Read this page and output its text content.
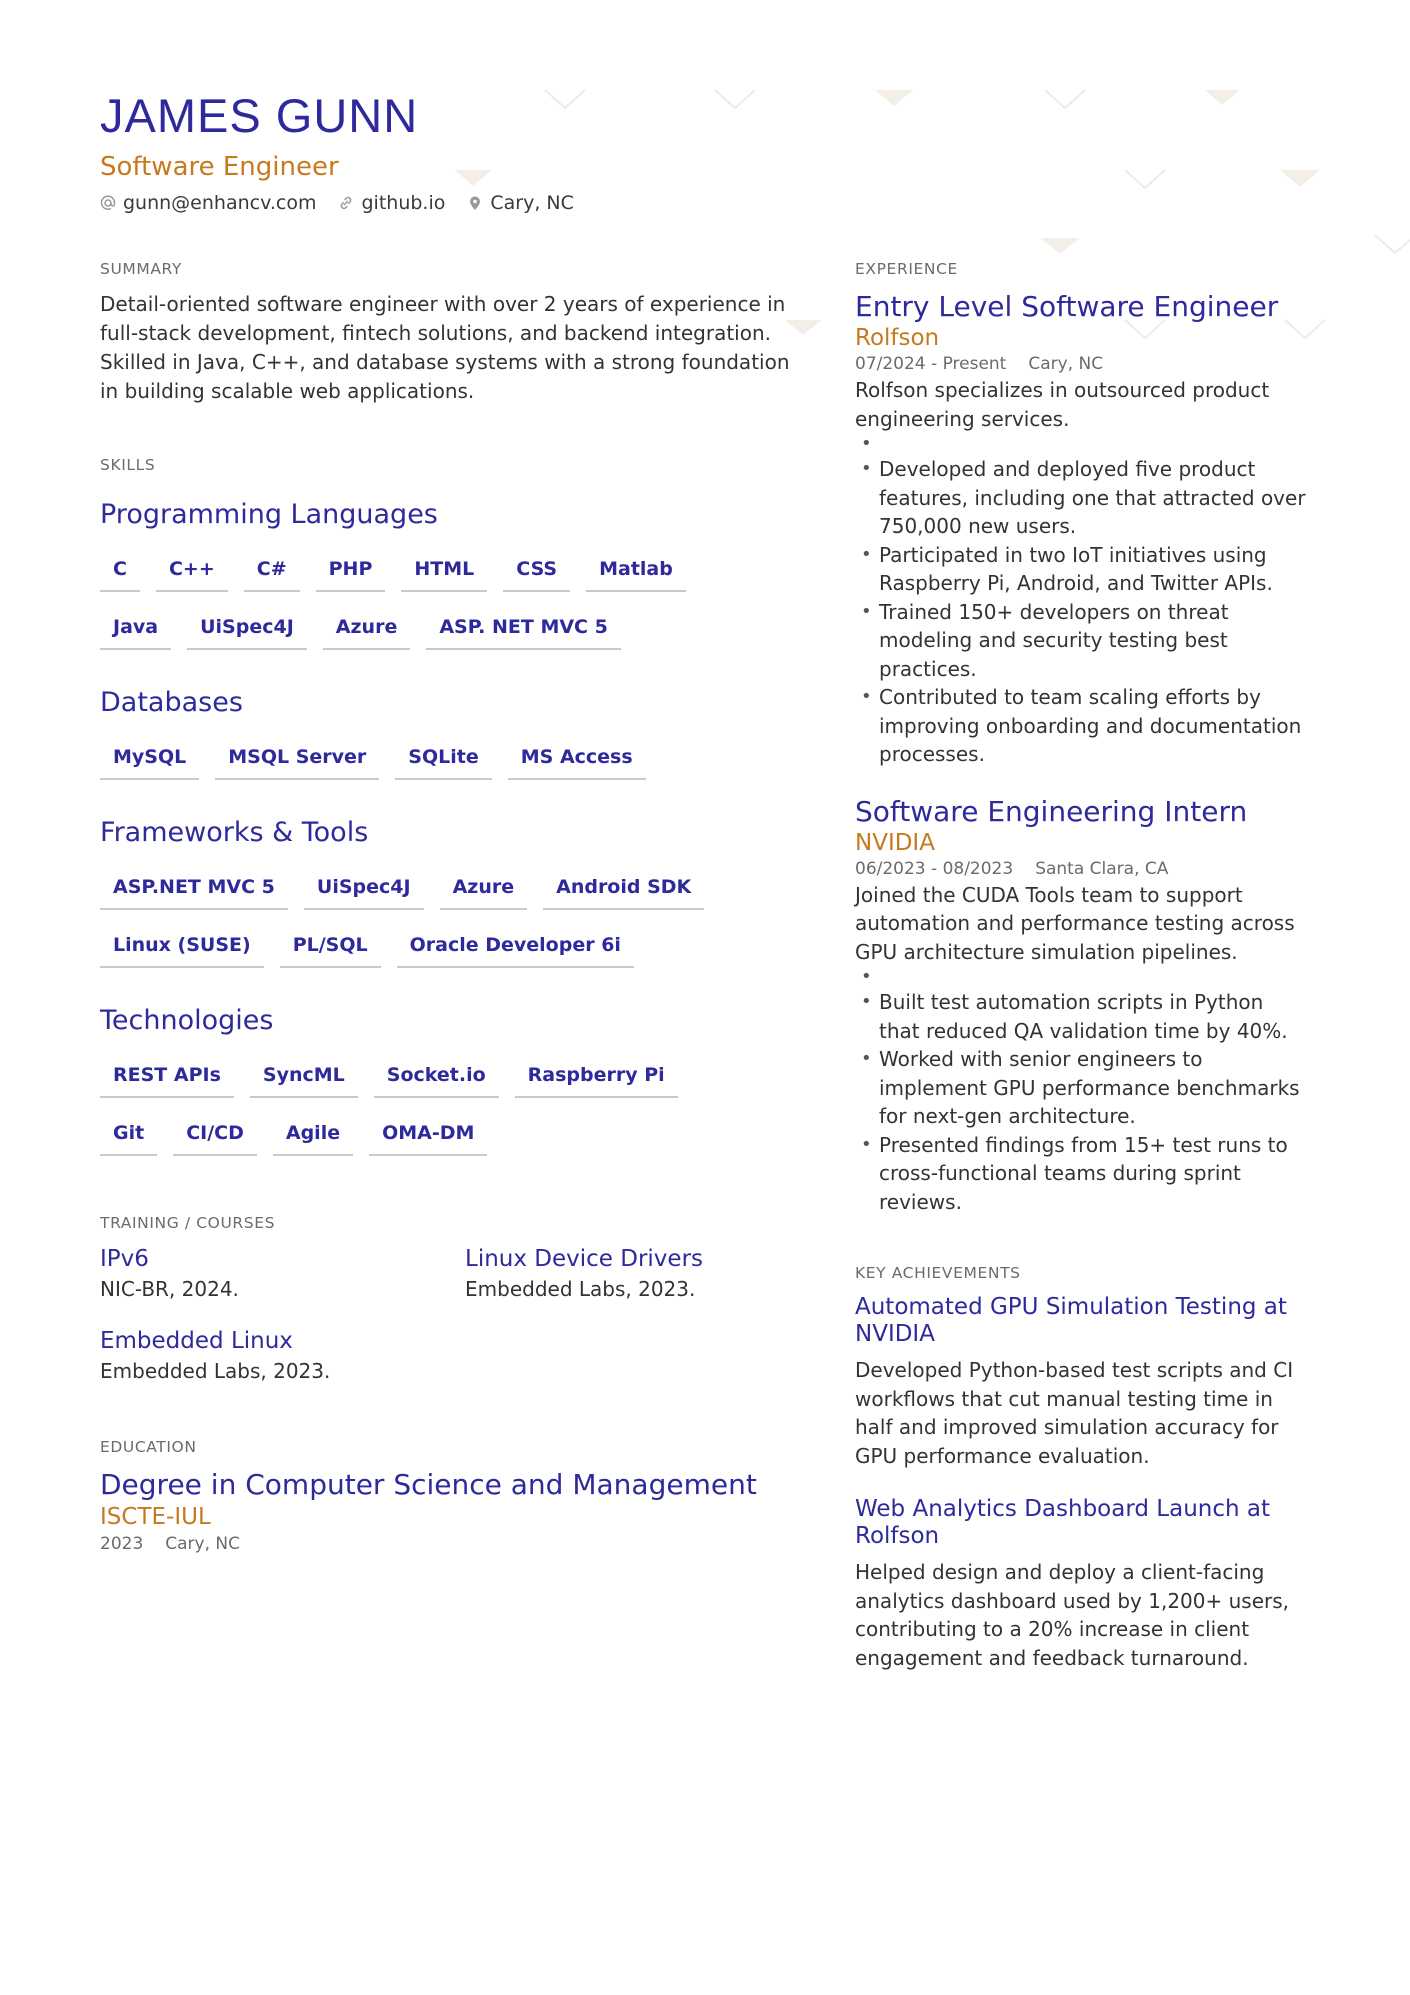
JAMES GUNN
Software Engineer
gunn@enhancv.com github.io Cary, NC
SUMMARY

Detail-oriented software engineer with over 2 years of experience in full-stack development, fintech solutions, and backend integration. Skilled in Java, C++, and database systems with a strong foundation in building scalable web applications.

SKILLS
Programming Languages
C	C++	C#	PHP	HTML	CSS	Matlab
Java	UiSpec4J	Azure	ASP. NET MVC 5
Databases
MySQL	MSQL Server	SQLite	MS Access
Frameworks & Tools
ASP.NET MVC 5	UiSpec4J	Azure	Android SDK
Linux (SUSE)	PL/SQL	Oracle Developer 6i
Technologies
REST APIs	SyncML	Socket.io	Raspberry Pi
Git	CI/CD	Agile	OMA-DM
TRAINING / COURSES
IPv6
NIC-BR, 2024.
Linux Device Drivers
Embedded Labs, 2023.
Embedded Linux
Embedded Labs, 2023.
EDUCATION
Degree in Computer Science and Management
ISCTE-IUL
2023 Cary, NC
EXPERIENCE
Entry Level Software Engineer
Rolfson
07/2024 - Present Cary, NC
Rolfson specializes in outsourced product engineering services.
•
• Developed and deployed five product features, including one that attracted over 750,000 new users.
• Participated in two IoT initiatives using Raspberry Pi, Android, and Twitter APIs.
• Trained 150+ developers on threat modeling and security testing best practices.
• Contributed to team scaling efforts by improving onboarding and documentation processes.
Software Engineering Intern
NVIDIA
06/2023 - 08/2023 Santa Clara, CA
Joined the CUDA Tools team to support automation and performance testing across GPU architecture simulation pipelines.
•
• Built test automation scripts in Python that reduced QA validation time by 40%.
• Worked with senior engineers to implement GPU performance benchmarks for next-gen architecture.
• Presented findings from 15+ test runs to cross-functional teams during sprint reviews.
KEY ACHIEVEMENTS
Automated GPU Simulation Testing at NVIDIA
Developed Python-based test scripts and CI workflows that cut manual testing time in half and improved simulation accuracy for GPU performance evaluation.
Web Analytics Dashboard Launch at Rolfson
Helped design and deploy a client-facing analytics dashboard used by 1,200+ users, contributing to a 20% increase in client engagement and feedback turnaround.
